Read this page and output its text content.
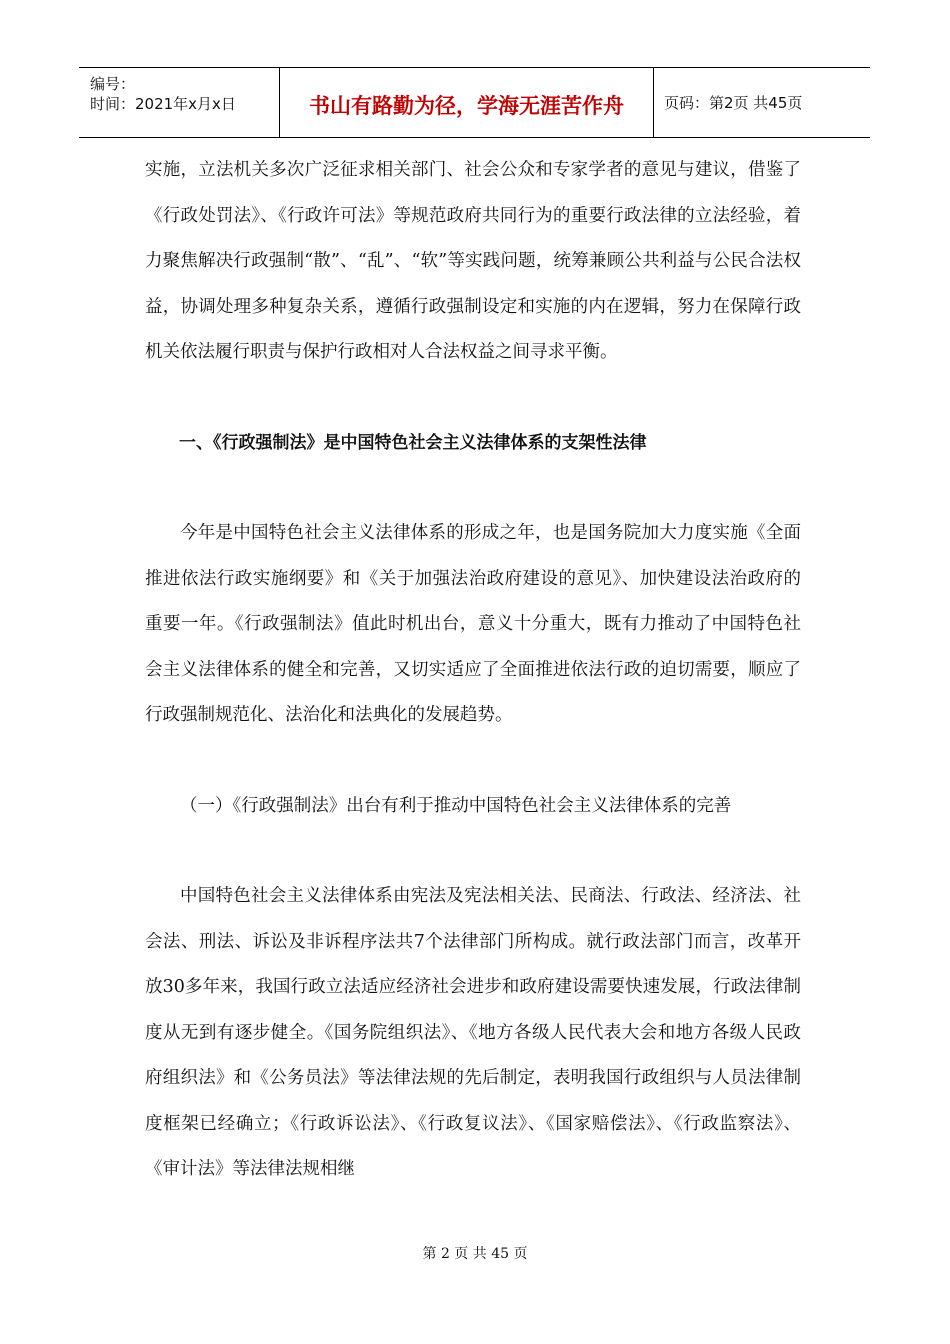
编号：
时间：2021年x月x日	书山有路勤为径，学海无涯苦作舟	页码：第2页 共45页

实施，立法机关多次广泛征求相关部门、社会公众和专家学者的意见与建议，借鉴了《行政处罚法》、《行政许可法》等规范政府共同行为的重要行政法律的立法经验，着力聚焦解决行政强制“散”、“乱”、“软”等实践问题，统筹兼顾公共利益与公民合法权益，协调处理多种复杂关系，遵循行政强制设定和实施的内在逻辑，努力在保障行政机关依法履行职责与保护行政相对人合法权益之间寻求平衡。

一、《行政强制法》是中国特色社会主义法律体系的支架性法律

今年是中国特色社会主义法律体系的形成之年，也是国务院加大力度实施《全面推进依法行政实施纲要》和《关于加强法治政府建设的意见》、加快建设法治政府的重要一年。《行政强制法》值此时机出台，意义十分重大，既有力推动了中国特色社会主义法律体系的健全和完善，又切实适应了全面推进依法行政的迫切需要，顺应了行政强制规范化、法治化和法典化的发展趋势。

（一）《行政强制法》出台有利于推动中国特色社会主义法律体系的完善

中国特色社会主义法律体系由宪法及宪法相关法、民商法、行政法、经济法、社会法、刑法、诉讼及非诉程序法共7个法律部门所构成。就行政法部门而言，改革开放30多年来，我国行政立法适应经济社会进步和政府建设需要快速发展，行政法律制度从无到有逐步健全。《国务院组织法》、《地方各级人民代表大会和地方各级人民政府组织法》和《公务员法》等法律法规的先后制定，表明我国行政组织与人员法律制度框架已经确立；《行政诉讼法》、《行政复议法》、《国家赔偿法》、《行政监察法》、《审计法》等法律法规相继

第 2 页 共 45 页
